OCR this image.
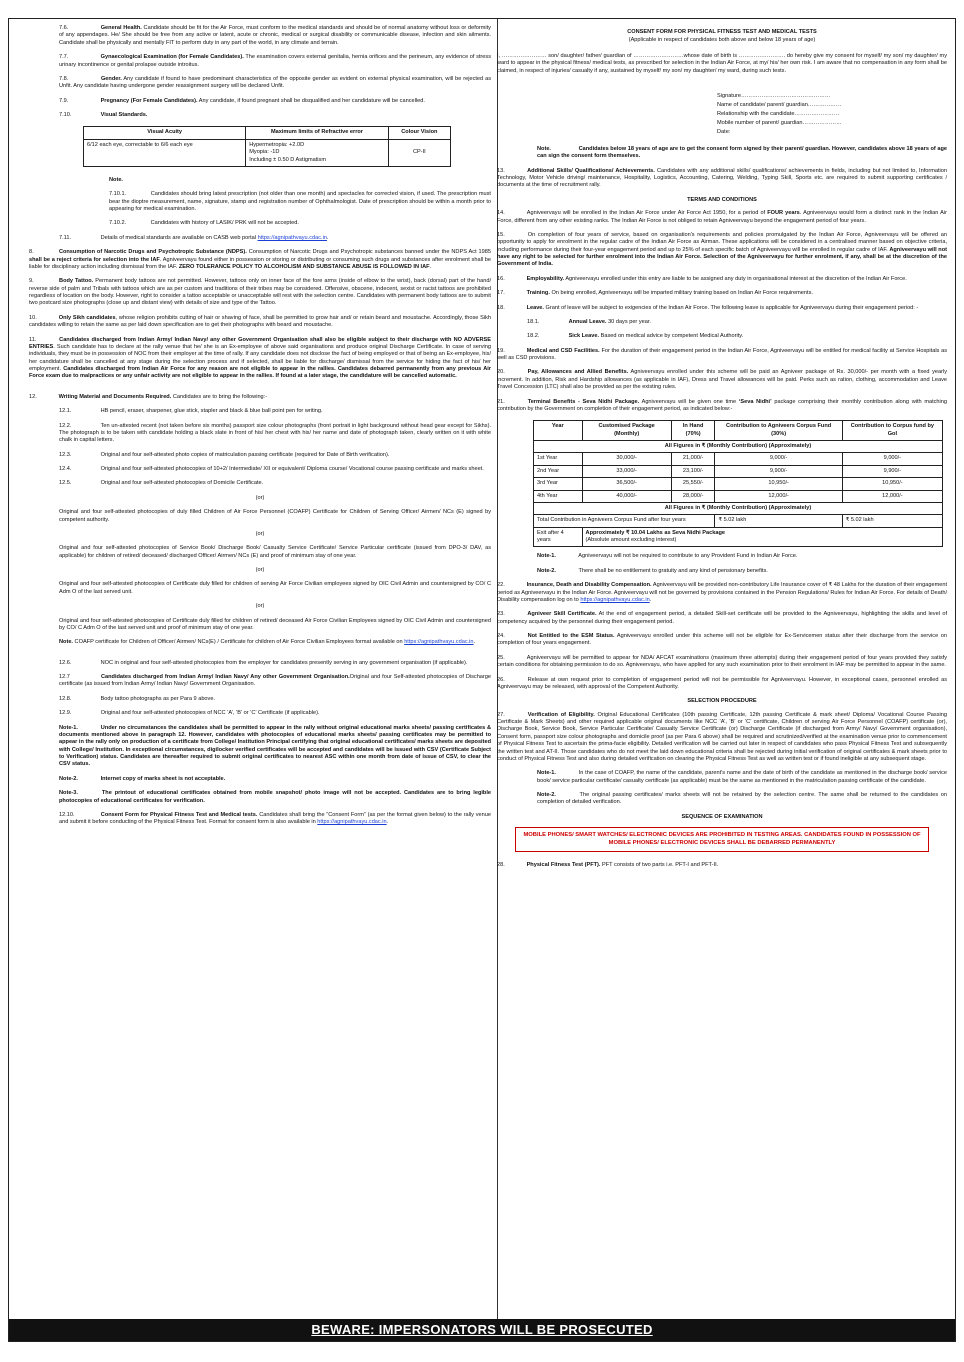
7.6.	General Health. Candidate should be fit for the Air Force, must conform to the medical standards and should be of normal anatomy without loss or deformity of any appendages. He/ She should be free from any active or latent, acute or chronic, medical or surgical disability or communicable disease, infection and skin ailments. Candidate shall be physically and mentally FIT to perform duty in any part of the world, in any climate and terrain.

7.7.	Gynaecological Examination (for Female Candidates). The examination covers external genitalia, hernia orifices and the perineum, any evidence of stress urinary incontinence or genital prolapse outside introitus.

7.8.	Gender. Any candidate if found to have predominant characteristics of the opposite gender as evident on external physical examination, will be rejected as Unfit. Any candidate having undergone gender reassignment surgery will be declared Unfit.

7.9.	Pregnancy (For Female Candidates). Any candidate, if found pregnant shall be disqualified and her candidature will be cancelled.

7.10.	Visual Standards.

Visual Acuity	Maximum limits of Refractive error	Colour Vision
6/12 each eye, correctable to 6/6 each eye	Hypermetropia: +2.0D
Myopia: -1D
Including ± 0.50 D Astigmatism	CP-II

Note.

7.10.1.	Candidates should bring latest prescription (not older than one month) and spectacles for corrected vision, if used. The prescription must bear the dioptre measurement, name, signature, stamp and registration number of Ophthalmologist. Date of prescription should be within a month prior to appearing for medical examination.

7.10.2.	Candidates with history of LASIK/ PRK will not be accepted.

7.11.	Details of medical standards are available on CASB web portal https://agnipathvayu.cdac.in.

8.	Consumption of Narcotic Drugs and Psychotropic Substance (NDPS). Consumption of Narcotic Drugs and Psychotropic substances banned under the NDPS Act 1985 shall be a reject criteria for selection into the IAF. Agniveervayu found either in possession or storing or distributing or consuming such drugs and substances after enrolment shall be liable for disciplinary action including dismissal from the IAF. ZERO TOLERANCE POLICY TO ALCOHOLISM AND SUBSTANCE ABUSE IS FOLLOWED IN IAF.

9.	Body Tattoo. Permanent body tattoos are not permitted. However, tattoos only on inner face of the fore arms (inside of elbow to the wrist), back (dorsal) part of the hand/ reverse side of palm and Tribals with tattoos which are as per custom and traditions of their tribes may be considered. Offensive, obscene, indecent, sexist or racist tattoos are prohibited regardless of location on the body. However, right to consider a tattoo acceptable or unacceptable will rest with the selection centre. Candidates with permanent body tattoos are to submit two postcard size photographs (close up and distant view) with details of size and type of the Tattoo.

10.	Only Sikh candidates, whose religion prohibits cutting of hair or shaving of face, shall be permitted to grow hair and/ or retain beard and moustache. Accordingly, those Sikh candidates willing to retain the same as per laid down specification are to get their photographs with beard and moustache.

11.	Candidates discharged from Indian Army/ Indian Navy/ any other Government Organisation shall also be eligible subject to their discharge with NO ADVERSE ENTRIES. Such candidate has to declare at the rally venue that he/ she is an Ex-employee of above said organisations and produce original Discharge Certificate. In case of serving individuals, they must be in possession of NOC from their employer at the time of rally. If any candidate does not disclose the fact of being employed or that of being an Ex-employee, his/ her candidature shall be cancelled at any stage during the selection process and if selected, shall be liable for discharge/ dismissal from the service for hiding the fact of his/ her employment. Candidates discharged from Indian Air Force for any reason are not eligible to appear in the rallies. Candidates debarred permanently from any previous Air Force exam due to malpractices or any unfair activity are not eligible to appear in the rallies. If found at a later stage, the candidature will be cancelled automatic.

12.	Writing Material and Documents Required. Candidates are to bring the following:-

12.1.	HB pencil, eraser, sharpener, glue stick, stapler and black & blue ball point pen for writing.

12.2.	Ten un-attested recent (not taken before six months) passport size colour photographs (front portrait in light background without head gear except for Sikhs). The photograph is to be taken with candidate holding a black slate in front of his/ her chest with his/ her name and date of photograph taken, clearly written on it with white chalk in capital letters.

12.3.	Original and four self-attested photo copies of matriculation passing certificate (required for Date of Birth verification).

12.4.	Original and four self-attested photocopies of 10+2/ Intermediate/ XII or equivalent/ Diploma course/ Vocational course passing certificate and marks sheet.

12.5.	Original and four self-attested photocopies of Domicile Certificate.

(or)

Original and four self-attested photocopies of duly filled Children of Air Force Personnel (COAFP) Certificate for Children of Serving Officer/ Airmen/ NCs (E) signed by competent authority.

(or)

Original and four self-attested photocopies of Service Book/ Discharge Book/ Casualty Service Certificate/ Service Particular certificate (issued from DPO-3/ DAV, as applicable) for children of retired/ deceased/ discharged Officer/ Airmen/ NCs (E) and proof of minimum stay of one year.

(or)

Original and four self-attested photocopies of Certificate duly filled for children of serving Air Force Civilian employees signed by OIC Civil Admin and countersigned by CO/ C Adm O of the last served unit.

(or)

Original and four self-attested photocopies of Certificate duly filled for children of retired/ deceased Air Force Civilian Employees signed by OIC Civil Admin and countersigned by CO/ C Adm O of the last served unit and proof of minimum stay of one year.

Note. COAFP certificate for Children of Officer/ Airmen/ NCs(E) / Certificate for children of Air Force Civilian Employees format available on https://agnipathvayu.cdac.in.

12.6.	NOC in original and four self-attested photocopies from the employer for candidates presently serving in any government organisation (if applicable).

12.7	Candidates discharged from Indian Army/ Indian Navy/ Any other Government Organisation.Original and four Self-attested photocopies of Discharge certificate (as issued from Indian Army/ Indian Navy/ Government Organisation.

12.8.	Body tattoo photographs as per Para 9 above.

12.9.	Original and four self-attested photocopies of NCC ‘A’, ‘B’ or ‘C’ Certificate (if applicable).

Note-1.	Under no circumstances the candidates shall be permitted to appear in the rally without original educational marks sheets/ passing certificates & documents mentioned above in paragraph 12. However, candidates with photocopies of educational marks sheets/ passing certificates may be permitted to appear in the rally only on production of a certificate from College/ Institution Principal certifying that original educational certificates/ marks sheets are deposited with College/ Institution. In exceptional circumstances, digilocker verified certificates will be accepted and candidates will be issued with CSV (Certificate Subject to Verification) status. Candidates are thereafter required to submit original certificates to nearest ASC within one month from date of issue of CSV, to clear the CSV status.

Note-2.	Internet copy of marks sheet is not acceptable.

Note-3.	The printout of educational certificates obtained from mobile snapshot/ photo image will not be accepted. Candidates are to bring legible photocopies of educational certificates for verification.

12.10.	Consent Form for Physical Fitness Test and Medical tests. Candidates shall bring the “Consent Form” (as per the format given below) to the rally venue and submit it before conducting of the Physical Fitness Test. Format for consent form is also available in https://agnipathvayu.cdac.in.

CONSENT FORM FOR PHYSICAL FITNESS TEST AND MEDICAL TESTS
(Applicable in respect of candidates both above and below 18 years of age)

I, …………………… son/ daughter/ father/ guardian of ………………………whose date of birth is ……………………. do hereby give my consent for myself/ my son/ my daughter/ my ward to appear in the physical fitness/ medical tests, as prescribed for selection in the Indian Air Force, at my/ his/ her own risk. I am aware that no compensation in any form shall be claimed, in respect of injuries/ casualty if any, sustained by myself/ my son/ my daughter/ my ward, during such tests.

Signature…………………………………………
Name of candidate/ parent/ guardian………………
Relationship with the candidate……………………
Mobile number of parent/ guardian…………………
Date:

Note.	Candidates below 18 years of age are to get the consent form signed by their parent/ guardian. However, candidates above 18 years of age can sign the consent form themselves.

13.	Additional Skills/ Qualifications/ Achievements. Candidates with any additional skills/ qualifications/ achievements in fields, including but not limited to, Information Technology, Motor Vehicle driving/ maintenance, Hospitality, Logistics, Accounting, Catering, Welding, Typing Skill, Sports etc. are required to submit supporting certificates / documents at the time of recruitment rally.

TERMS AND CONDITIONS

14.	Agniveervayu will be enrolled in the Indian Air Force under Air Force Act 1950, for a period of FOUR years. Agniveervayu would form a distinct rank in the Indian Air Force, different from any other existing ranks. The Indian Air Force is not obliged to retain Agniveervayu beyond the engagement period of four years.

15.	On completion of four years of service, based on organisation's requirements and policies promulgated by the Indian Air Force, Agniveervayu will be offered an opportunity to apply for enrolment in the regular cadre of the Indian Air Force as Airman. These applications will be considered in a centralised manner based on objective criteria, including performance during their four-year engagement period and up to 25% of each specific batch of Agniveervayu will be enrolled in regular cadre of IAF. Agniveervayu will not have any right to be selected for further enrolment into the Indian Air Force. Selection of the Agniveervayu for further enrolment, if any, shall be at the discretion of the Government of India.

16.	Employability. Agniveervayu enrolled under this entry are liable to be assigned any duty in organisational interest at the discretion of the Indian Air Force.

17.	Training. On being enrolled, Agniveervayu will be imparted military training based on Indian Air Force requirements.

18.	Leave. Grant of leave will be subject to exigencies of the Indian Air Force. The following leave is applicable for Agniveervayu during their engagement period: -

18.1.	Annual Leave. 30 days per year.

18.2.	Sick Leave. Based on medical advice by competent Medical Authority.

19.	Medical and CSD Facilities. For the duration of their engagement period in the Indian Air Force, Agniveervayu will be entitled for medical facility at Service Hospitals as well as CSD provisions.

20.	Pay, Allowances and Allied Benefits. Agniveervayu enrolled under this scheme will be paid an Agniveer package of Rs. 30,000/- per month with a fixed yearly increment. In addition, Risk and Hardship allowances (as applicable in IAF), Dress and Travel allowances will be paid. Perks such as ration, clothing, accommodation and Leave Travel Concession (LTC) shall also be provided as per the existing rules.

21.	Terminal Benefits - Seva Nidhi Package. Agniveervayu will be given one time ‘Seva Nidhi’ package comprising their monthly contribution along with matching contribution by the Government on completion of their engagement period, as indicated below:-

Year	Customised Package (Monthly)	In Hand (70%)	Contribution to Agniveers Corpus Fund (30%)	Contribution to Corpus fund by GoI
All Figures in ₹ (Monthly Contribution) (Approximately)				
1st Year	30,000/-	21,000/-	9,000/-	9,000/-
2nd Year	33,000/-	23,100/-	9,900/-	9,900/-
3rd Year	36,500/-	25,550/-	10,950/-	10,950/-
4th Year	40,000/-	28,000/-	12,000/-	12,000/-
All Figures in ₹ (Monthly Contribution) (Approximately)				
Total Contribution in Agniveers Corpus Fund after four years			₹ 5.02 lakh	₹ 5.02 lakh
Exit after 4 years	Approximately ₹ 10.04 Lakhs as Seva Nidhi Package
(Absolute amount excluding interest)			

Note-1.	Agniveervayu will not be required to contribute to any Provident Fund in Indian Air Force.

Note-2.	There shall be no entitlement to gratuity and any kind of pensionary benefits.

22.	Insurance, Death and Disability Compensation. Agniveervayu will be provided non-contributory Life Insurance cover of ₹ 48 Lakhs for the duration of their engagement period as Agniveervayu in the Indian Air Force. Agniveervayu will not be governed by provisions contained in the Pension Regulations/ Rules for Indian Air Force. For details of Death/ Disability compensation log on to https://agnipathvayu.cdac.in.

23.	Agniveer Skill Certificate. At the end of engagement period, a detailed Skill-set certificate will be provided to the Agniveervayu, highlighting the skills and level of competency acquired by the personnel during their engagement period.

24.	Not Entitled to the ESM Status. Agniveervayu enrolled under this scheme will not be eligible for Ex-Servicemen status after their discharge from the service on completion of four years engagement.

25.	Agniveervayu will be permitted to appear for NDA/ AFCAT examinations (maximum three attempts) during their engagement period of four years provided they satisfy certain conditions for obtaining permission to do so. Agniveervayu, who have applied for any such examination prior to their enrolment in IAF may be permitted to appear in the same.

26.	Release at own request prior to completion of engagement period will not be permissible for Agniveervayu. However, in exceptional cases, personnel enrolled as Agniveervayu may be released, with approval of the Competent Authority.

SELECTION PROCEDURE

27.	Verification of Eligibility. Original Educational Certificates (10th passing Certificate, 12th passing Certificate & mark sheet/ Diploma/ Vocational Course Passing Certificate & Mark Sheets) and other required applicable original documents like NCC ‘A’, ‘B’ or ‘C’ certificate, Children of serving Air Force Personnel (COAFP) certificate (or), Discharge Book, Service Book, Service Particular Certificate/ Casualty Service Certificate (or) Discharge Certificate (if discharged from Army/ Navy/ Government organisation), Consent form, passport size colour photographs and domicile proof (as per Para 6 above) shall be required and scrutinized/verified at the examination venue prior to commencement of Physical Fitness Test to ascertain the prima-facie eligibility. Detailed verification will be carried out later in respect of candidates who pass Physical Fitness Test and subsequently the written test and AT-II. Those candidates who do not meet the laid down educational criteria shall be rejected during initial verification of original certificates & mark sheets prior to conduct of Physical Fitness Test and also during detailed verification on clearing the Physical Fitness Test as well as written test or if found ineligible at any subsequent stage.

Note-1.	In the case of COAFP, the name of the candidate, parent's name and the date of birth of the candidate as mentioned in the discharge book/ service book/ service particular certificate/ casualty certificate (as applicable) must be the same as mentioned in the matriculation passing certificate of the candidate.

Note-2.	The original passing certificates/ marks sheets will not be retained by the selection centre. The same shall be returned to the candidates on completion of detailed verification.

SEQUENCE OF EXAMINATION
MOBILE PHONES/ SMART WATCHES/ ELECTRONIC DEVICES ARE PROHIBITED IN TESTING AREAS. CANDIDATES FOUND IN POSSESSION OF MOBILE PHONES/ ELECTRONIC DEVICES SHALL BE DEBARRED PERMANENTLY

28.	Physical Fitness Test (PFT). PFT consists of two parts i.e. PFT-I and PFT-II.

BEWARE: IMPERSONATORS WILL BE PROSECUTED
